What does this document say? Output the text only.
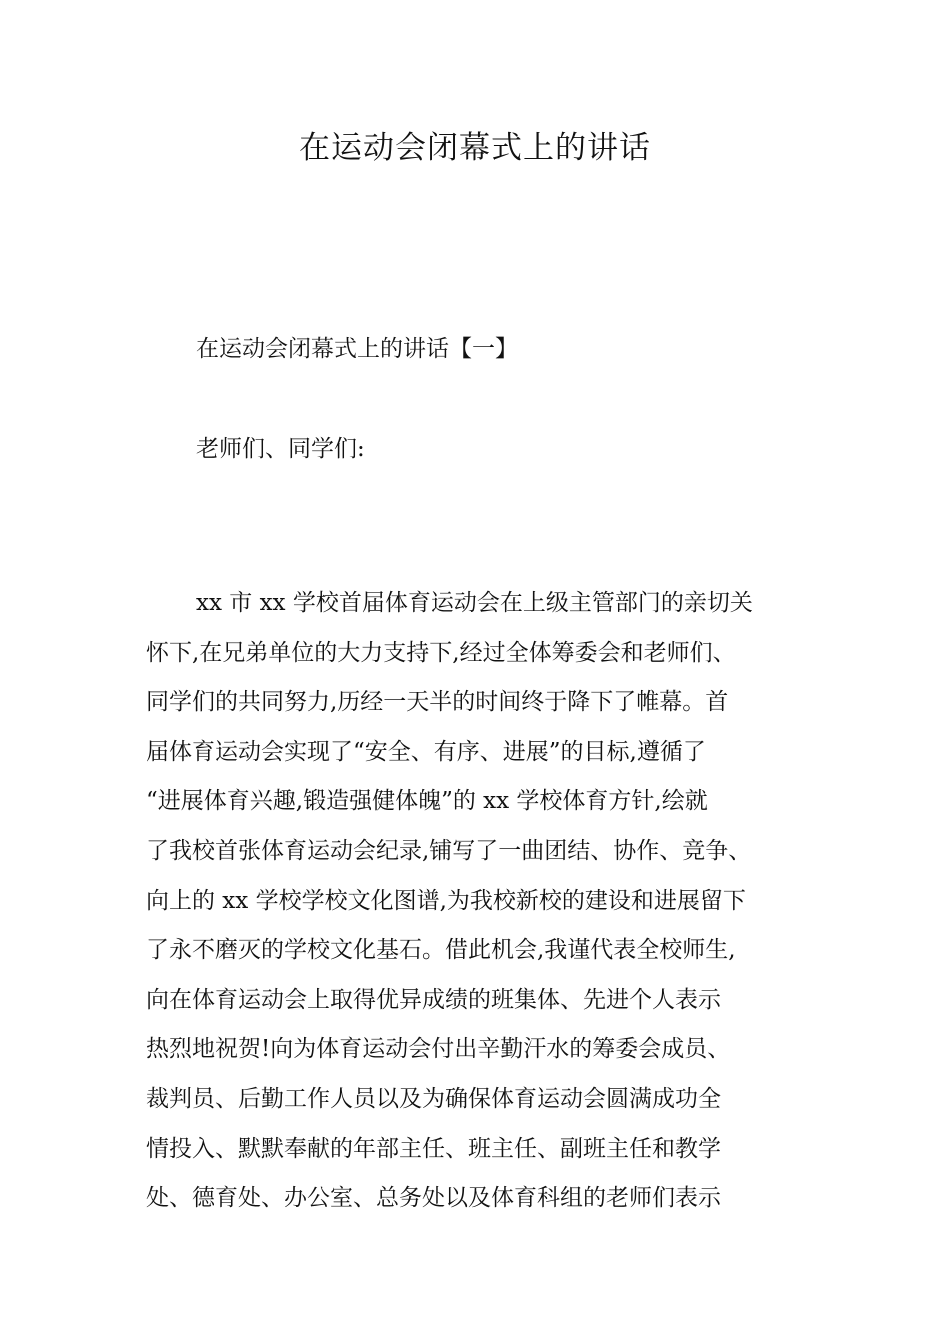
在运动会闭幕式上的讲话

在运动会闭幕式上的讲话【一】

老师们、同学们:

xx 市 xx 学校首届体育运动会在上级主管部门的亲切关
怀下,在兄弟单位的大力支持下,经过全体筹委会和老师们、
同学们的共同努力,历经一天半的时间终于降下了帷幕。首
届体育运动会实现了“安全、有序、进展”的目标,遵循了
“进展体育兴趣,锻造强健体魄”的 xx 学校体育方针,绘就
了我校首张体育运动会纪录,铺写了一曲团结、协作、竞争、
向上的 xx 学校学校文化图谱,为我校新校的建设和进展留下
了永不磨灭的学校文化基石。借此机会,我谨代表全校师生,
向在体育运动会上取得优异成绩的班集体、先进个人表示
热烈地祝贺!向为体育运动会付出辛勤汗水的筹委会成员、
裁判员、后勤工作人员以及为确保体育运动会圆满成功全
情投入、默默奉献的年部主任、班主任、副班主任和教学
处、德育处、办公室、总务处以及体育科组的老师们表示
